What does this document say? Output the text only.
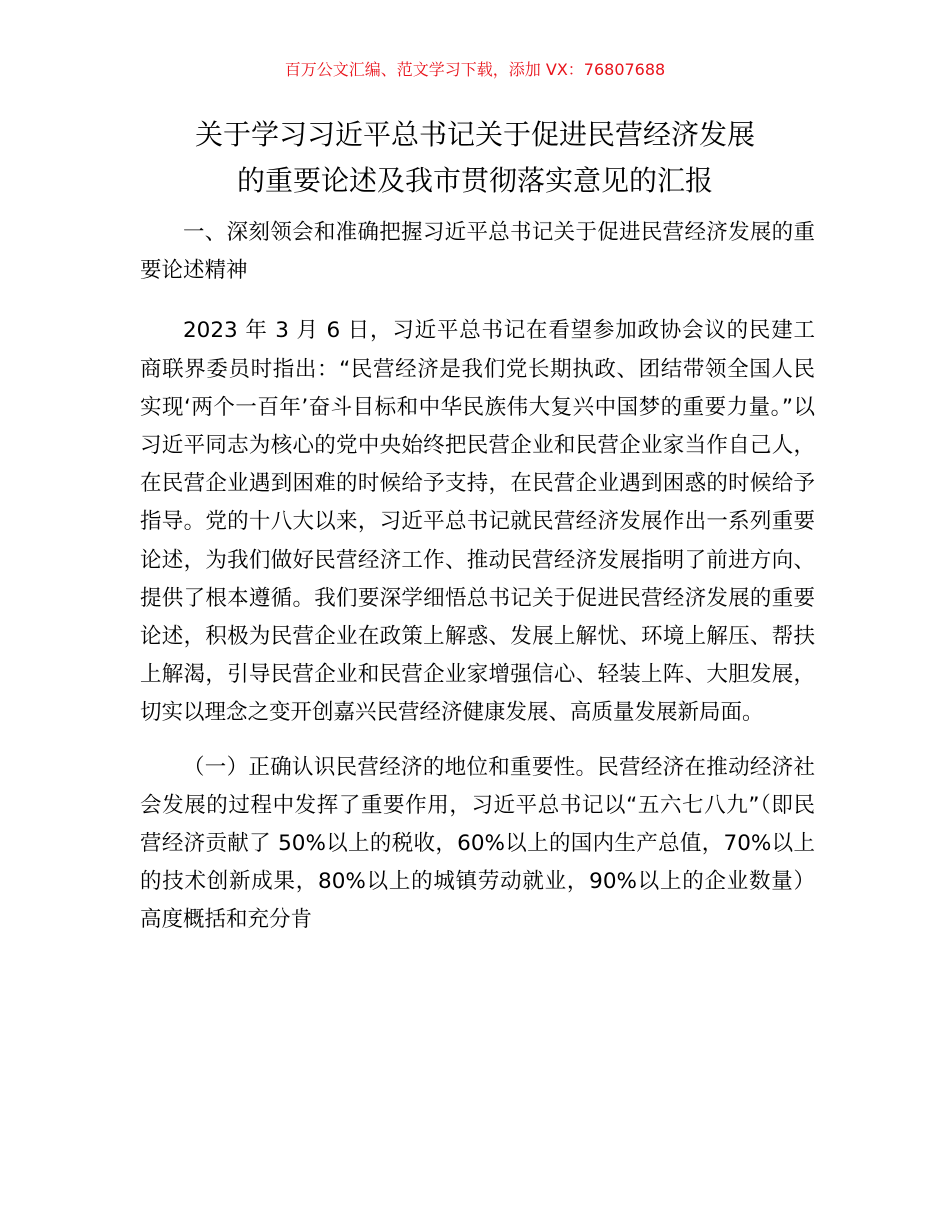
百万公文汇编、范文学习下载，添加 VX：76807688
关于学习习近平总书记关于促进民营经济发展
的重要论述及我市贯彻落实意见的汇报

一、深刻领会和准确把握习近平总书记关于促进民营经济发展的重要论述精神

2023 年 3 月 6 日，习近平总书记在看望参加政协会议的民建工商联界委员时指出：“民营经济是我们党长期执政、团结带领全国人民实现‘两个一百年’奋斗目标和中华民族伟大复兴中国梦的重要力量。”以习近平同志为核心的党中央始终把民营企业和民营企业家当作自己人，在民营企业遇到困难的时候给予支持，在民营企业遇到困惑的时候给予指导。党的十八大以来，习近平总书记就民营经济发展作出一系列重要论述，为我们做好民营经济工作、推动民营经济发展指明了前进方向、提供了根本遵循。我们要深学细悟总书记关于促进民营经济发展的重要论述，积极为民营企业在政策上解惑、发展上解忧、环境上解压、帮扶上解渴，引导民营企业和民营企业家增强信心、轻装上阵、大胆发展，切实以理念之变开创嘉兴民营经济健康发展、高质量发展新局面。

（一）正确认识民营经济的地位和重要性。民营经济在推动经济社会发展的过程中发挥了重要作用，习近平总书记以“五六七八九”（即民营经济贡献了 50%以上的税收，60%以上的国内生产总值，70%以上的技术创新成果，80%以上的城镇劳动就业，90%以上的企业数量）高度概括和充分肯
